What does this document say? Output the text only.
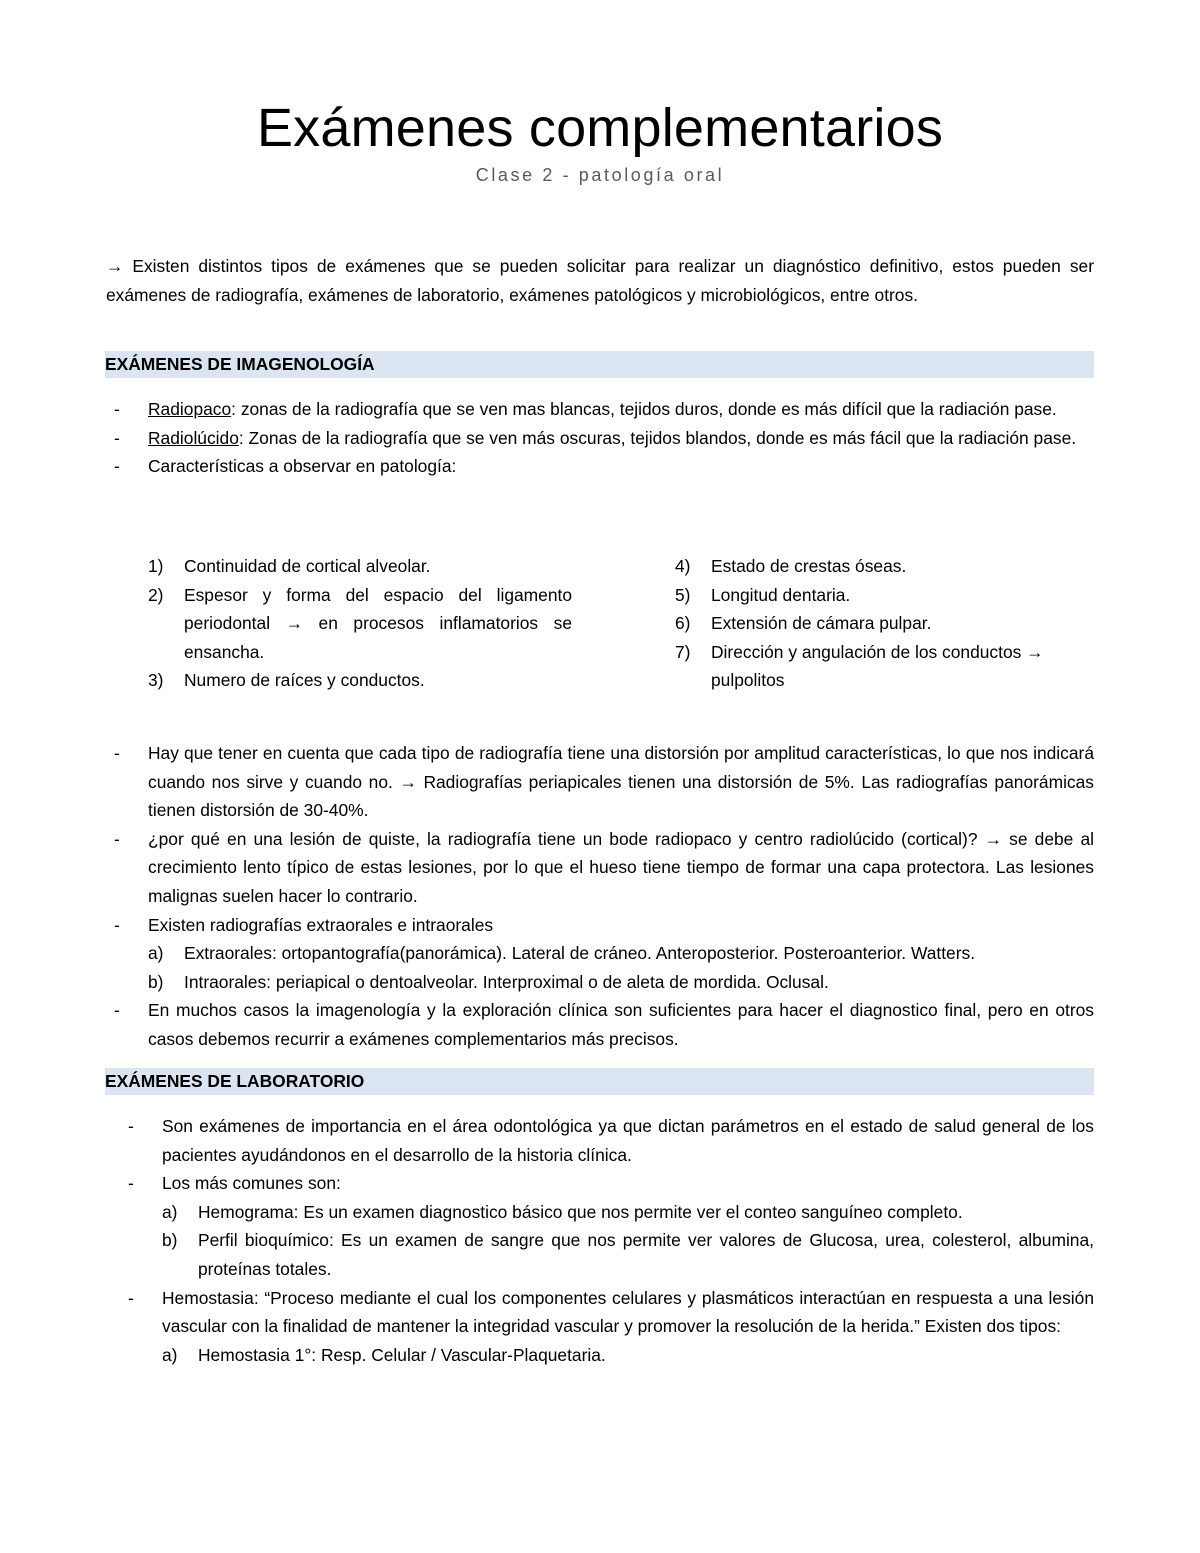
Exámenes complementarios
Clase 2 - patología oral
→ Existen distintos tipos de exámenes que se pueden solicitar para realizar un diagnóstico definitivo, estos pueden ser exámenes de radiografía, exámenes de laboratorio, exámenes patológicos y microbiológicos, entre otros.
EXÁMENES DE IMAGENOLOGÍA
- Radiopaco: zonas de la radiografía que se ven mas blancas, tejidos duros, donde es más difícil que la radiación pase.
- Radiolúcido: Zonas de la radiografía que se ven más oscuras, tejidos blandos, donde es más fácil que la radiación pase.
- Características a observar en patología:
1) Continuidad de cortical alveolar.
2) Espesor y forma del espacio del ligamento periodontal → en procesos inflamatorios se ensancha.
3) Numero de raíces y conductos.
4) Estado de crestas óseas.
5) Longitud dentaria.
6) Extensión de cámara pulpar.
7) Dirección y angulación de los conductos → pulpolitos
- Hay que tener en cuenta que cada tipo de radiografía tiene una distorsión por amplitud características, lo que nos indicará cuando nos sirve y cuando no. → Radiografías periapicales tienen una distorsión de 5%. Las radiografías panorámicas tienen distorsión de 30-40%.
- ¿por qué en una lesión de quiste, la radiografía tiene un bode radiopaco y centro radiolúcido (cortical)? → se debe al crecimiento lento típico de estas lesiones, por lo que el hueso tiene tiempo de formar una capa protectora. Las lesiones malignas suelen hacer lo contrario.
- Existen radiografías extraorales e intraorales
a) Extraorales: ortopantografía(panorámica). Lateral de cráneo. Anteroposterior. Posteroanterior. Watters.
b) Intraorales: periapical o dentoalveolar. Interproximal o de aleta de mordida. Oclusal.
- En muchos casos la imagenología y la exploración clínica son suficientes para hacer el diagnostico final, pero en otros casos debemos recurrir a exámenes complementarios más precisos.
EXÁMENES DE LABORATORIO
- Son exámenes de importancia en el área odontológica ya que dictan parámetros en el estado de salud general de los pacientes ayudándonos en el desarrollo de la historia clínica.
- Los más comunes son:
a) Hemograma: Es un examen diagnostico básico que nos permite ver el conteo sanguíneo completo.
b) Perfil bioquímico: Es un examen de sangre que nos permite ver valores de Glucosa, urea, colesterol, albumina, proteínas totales.
- Hemostasia: “Proceso mediante el cual los componentes celulares y plasmáticos interactúan en respuesta a una lesión vascular con la finalidad de mantener la integridad vascular y promover la resolución de la herida.” Existen dos tipos:
a) Hemostasia 1°: Resp. Celular / Vascular-Plaquetaria.
